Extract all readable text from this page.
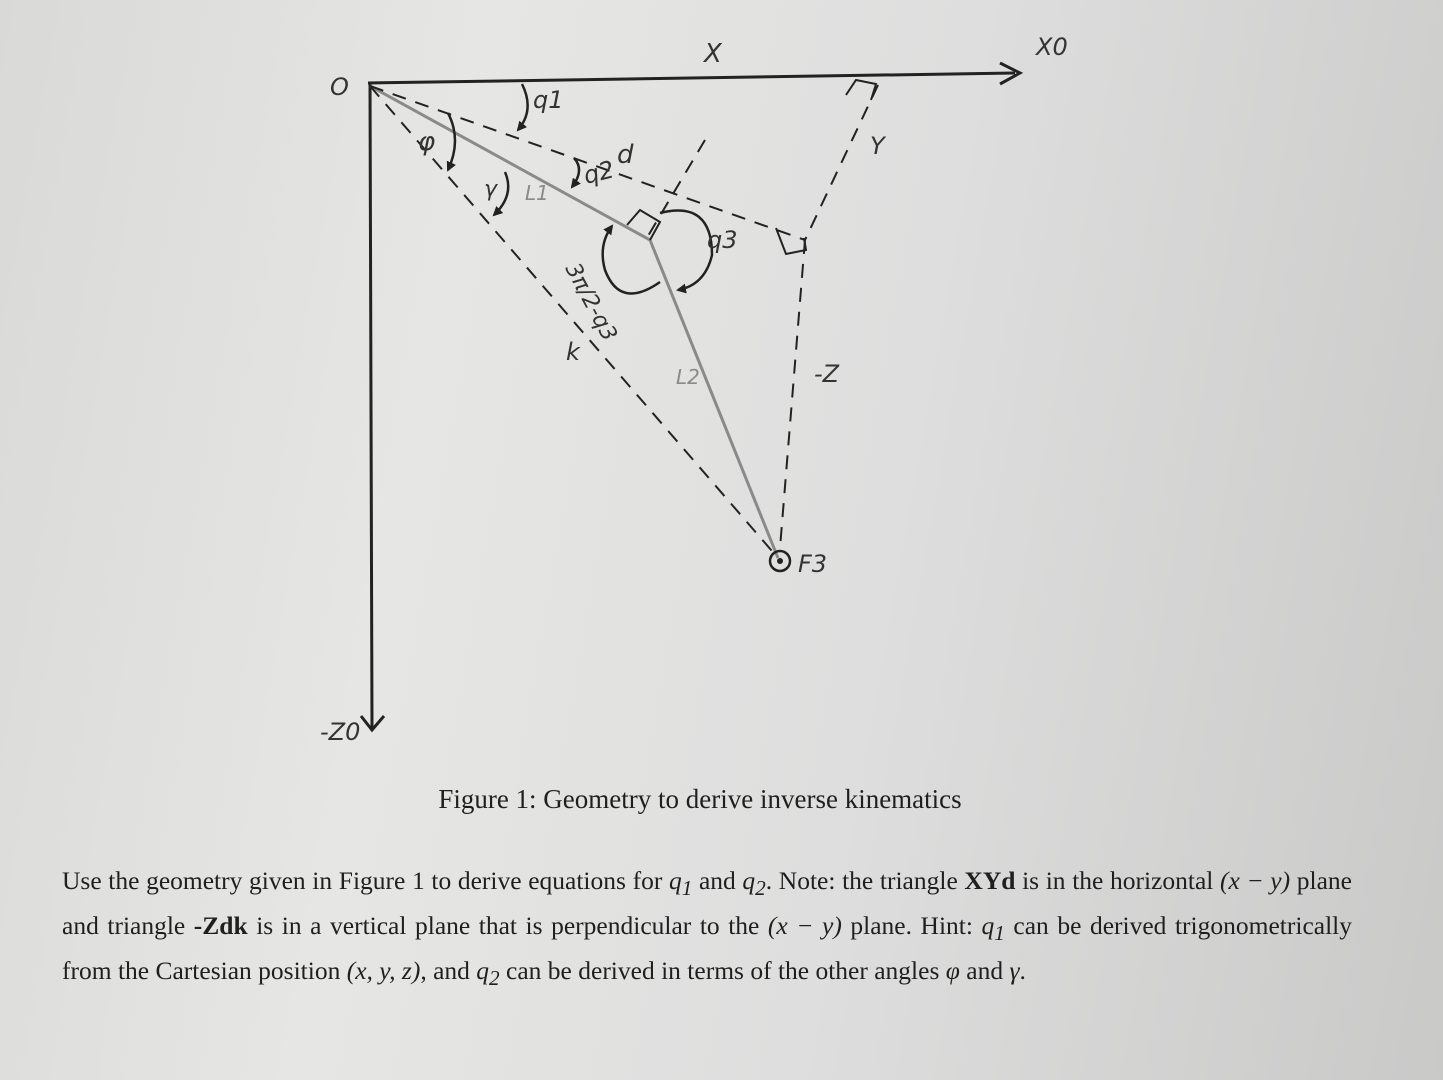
O
X0
X
Y
-Z0
-Z
q1
q2
q3
d
φ
γ L1
L2
k
3π/2-q3
F3
Figure 1: Geometry to derive inverse kinematics
Use the geometry given in Figure 1 to derive equations for $q_1$ and $q_2$. Note: the triangle XYd is in the horizontal (x − y) plane and triangle -Zdk is in a vertical plane that is perpendicular to the (x − y) plane. Hint: $q_1$ can be derived trigonometrically from the Cartesian position (x, y, z), and $q_2$ can be derived in terms of the other angles φ and γ.
